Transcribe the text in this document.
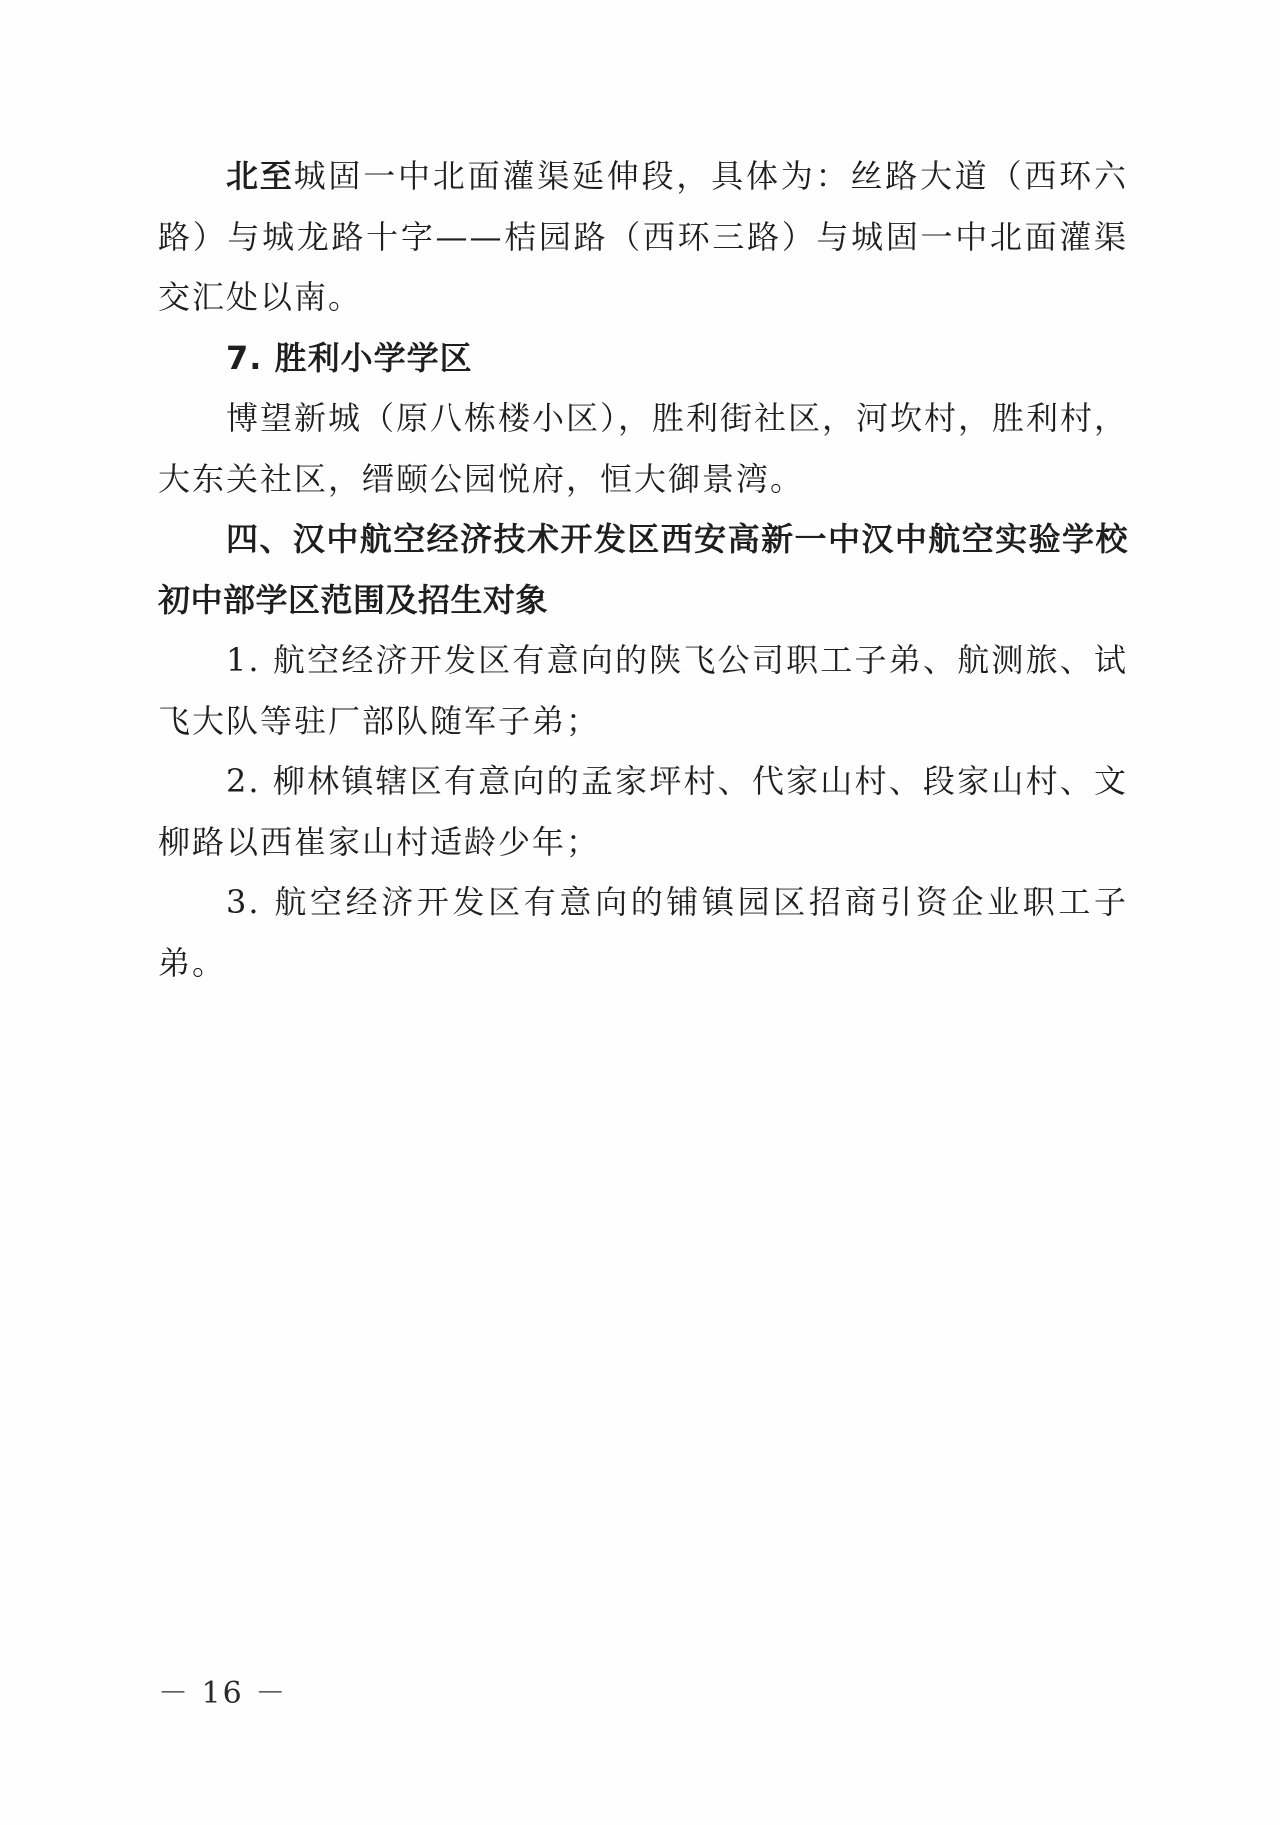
北至城固一中北面灌渠延伸段，具体为：丝路大道（西环六路）与城龙路十字——桔园路（西环三路）与城固一中北面灌渠交汇处以南。

7. 胜利小学学区

博望新城（原八栋楼小区），胜利街社区，河坎村，胜利村，大东关社区，缙颐公园悦府，恒大御景湾。

四、汉中航空经济技术开发区西安高新一中汉中航空实验学校初中部学区范围及招生对象

1. 航空经济开发区有意向的陕飞公司职工子弟、航测旅、试飞大队等驻厂部队随军子弟；

2. 柳林镇辖区有意向的孟家坪村、代家山村、段家山村、文柳路以西崔家山村适龄少年；

3. 航空经济开发区有意向的铺镇园区招商引资企业职工子弟。

－ 16 －
